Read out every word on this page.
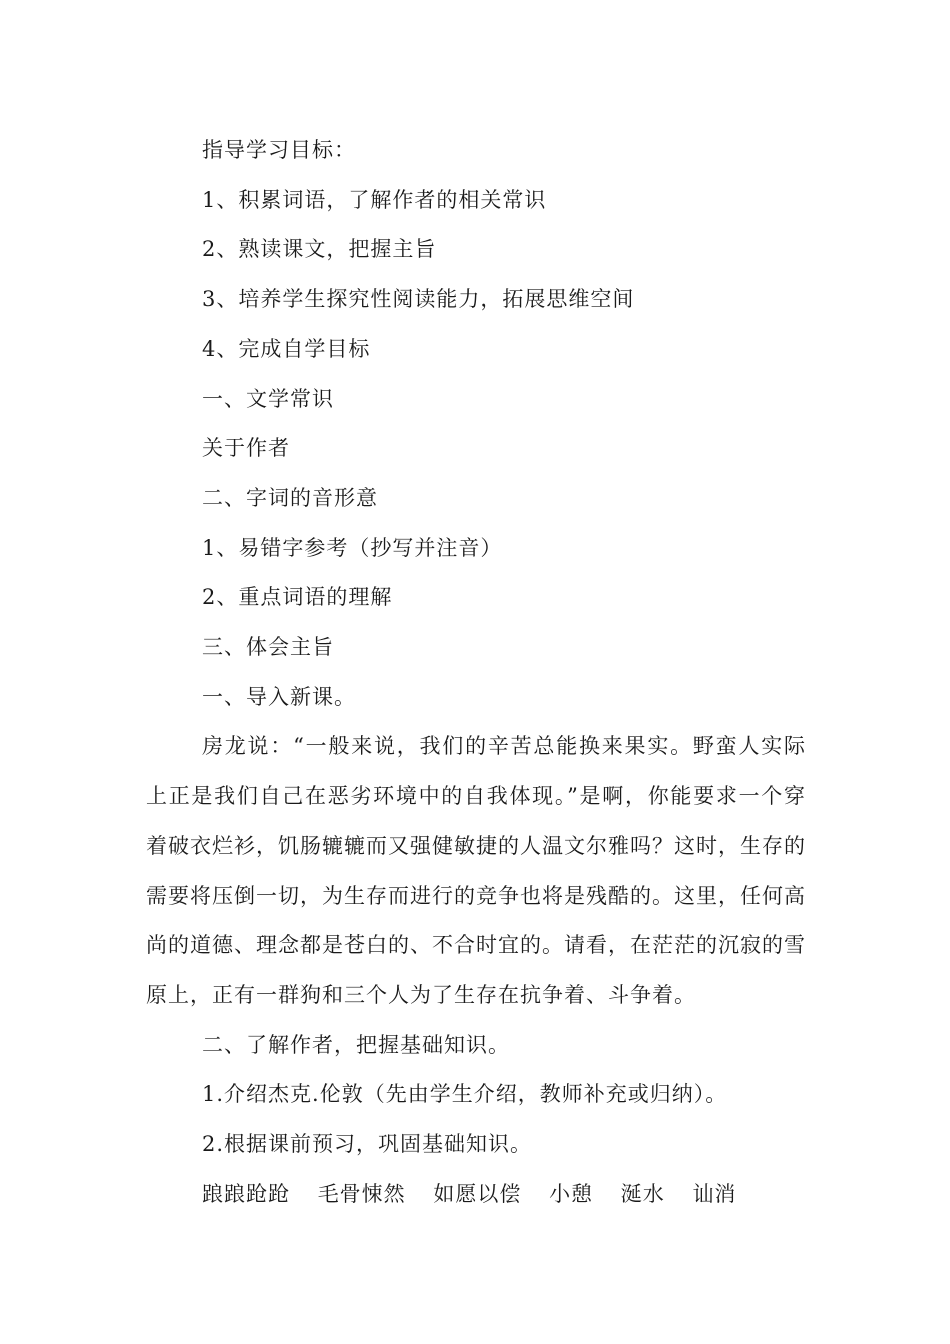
指导学习目标：

1、积累词语，了解作者的相关常识

2、熟读课文，把握主旨

3、培养学生探究性阅读能力，拓展思维空间

4、完成自学目标

一、文学常识

关于作者

二、字词的音形意

1、易错字参考（抄写并注音）

2、重点词语的理解

三、体会主旨

一、导入新课。

房龙说：“一般来说，我们的辛苦总能换来果实。野蛮人实际上正是我们自己在恶劣环境中的自我体现。”是啊，你能要求一个穿着破衣烂衫，饥肠辘辘而又强健敏捷的人温文尔雅吗？这时，生存的需要将压倒一切，为生存而进行的竞争也将是残酷的。这里，任何高尚的道德、理念都是苍白的、不合时宜的。请看，在茫茫的沉寂的雪原上，正有一群狗和三个人为了生存在抗争着、斗争着。

二、了解作者，把握基础知识。

1.介绍杰克.伦敦（先由学生介绍，教师补充或归纳）。

2.根据课前预习，巩固基础知识。

踉踉跄跄 毛骨悚然 如愿以偿 小憩 涎水 讪消
